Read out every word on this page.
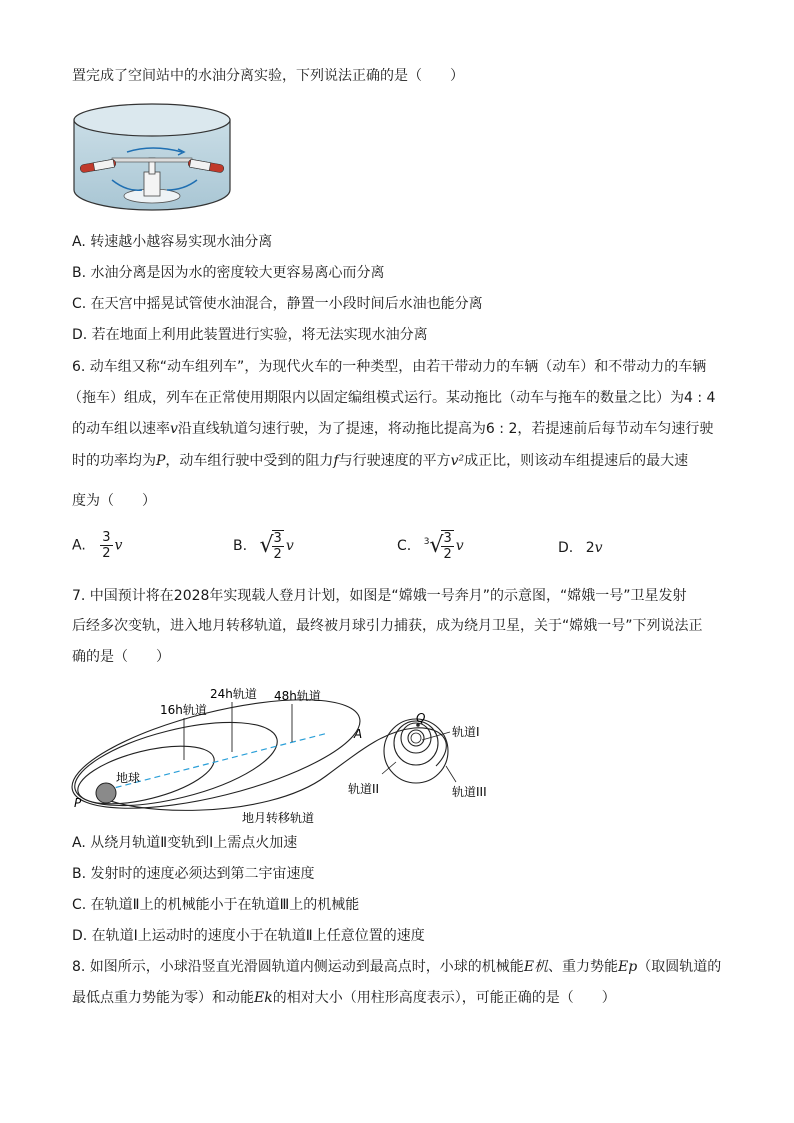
置完成了空间站中的水油分离实验，下列说法正确的是（　　）
A. 转速越小越容易实现水油分离
B. 水油分离是因为水的密度较大更容易离心而分离
C. 在天宫中摇晃试管使水油混合，静置一小段时间后水油也能分离
D. 若在地面上利用此装置进行实验，将无法实现水油分离
6. 动车组又称“动车组列车”，为现代火车的一种类型，由若干带动力的车辆（动车）和不带动力的车辆
（拖车）组成，列车在正常使用期限内以固定编组模式运行。某动拖比（动车与拖车的数量之比）为4 : 4
的动车组以速率v沿直线轨道匀速行驶，为了提速，将动拖比提高为6 : 2，若提速前后每节动车匀速行驶
时的功率均为P，动车组行驶中受到的阻力f与行驶速度的平方v²成正比，则该动车组提速后的最大速
度为（　　）
A. $\frac{3}{2}$ v	B. √
$\frac{3}{2}$ v	C. $^3$√
$\frac{3}{2}$ v	D. 2v
7. 中国预计将在2028年实现载人登月计划，如图是“嫦娥一号奔月”的示意图，“嫦娥一号”卫星发射
后经多次变轨，进入地月转移轨道，最终被月球引力捕获，成为绕月卫星，关于“嫦娥一号”下列说法正
确的是（　　）
16h轨道
24h轨道 48h轨道
地球
P
A
Q
轨道I
轨道II	轨道III
地月转移轨道
A. 从绕月轨道Ⅱ变轨到Ⅰ上需点火加速
B. 发射时的速度必须达到第二宇宙速度
C. 在轨道Ⅱ上的机械能小于在轨道Ⅲ上的机械能
D. 在轨道Ⅰ上运动时的速度小于在轨道Ⅱ上任意位置的速度
8. 如图所示，小球沿竖直光滑圆轨道内侧运动到最高点时，小球的机械能E机、重力势能Ep（取圆轨道的
最低点重力势能为零）和动能Ek的相对大小（用柱形高度表示），可能正确的是（　　）
